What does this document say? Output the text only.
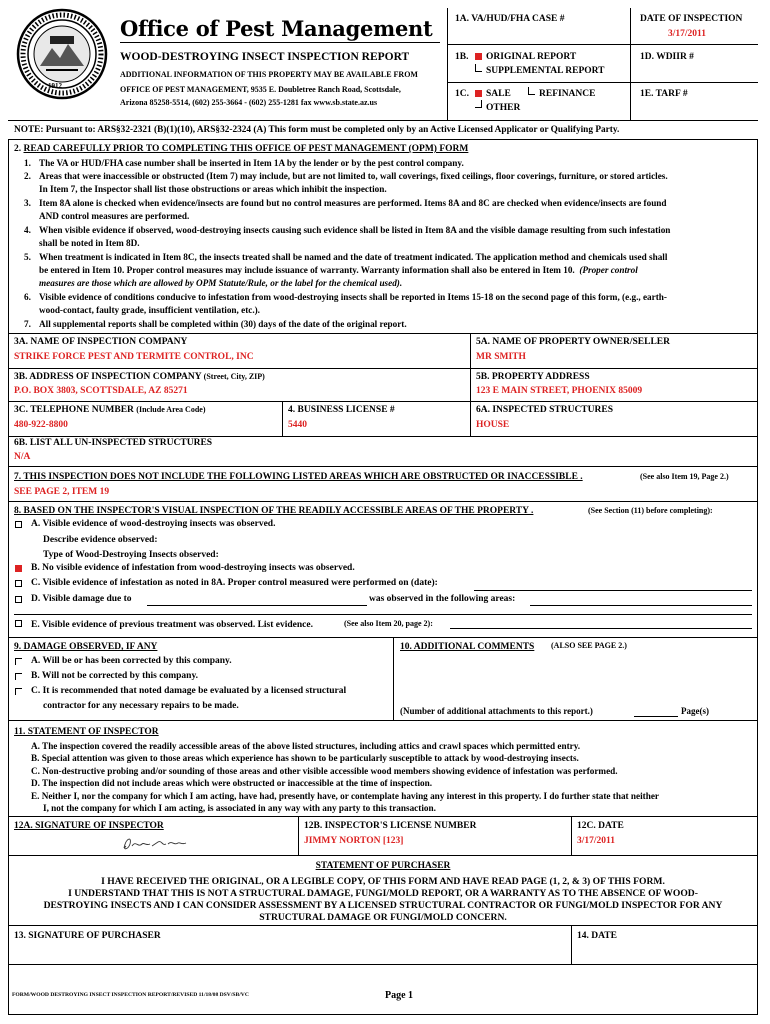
1912
Office of Pest Management
WOOD-DESTROYING INSECT INSPECTION REPORT
ADDITIONAL INFORMATION OF THIS PROPERTY MAY BE AVAILABLE FROM
OFFICE OF PEST MANAGEMENT, 9535 E. Doubletree Ranch Road, Scottsdale,
Arizona 85258-5514, (602) 255-3664 - (602) 255-1281 fax www.sb.state.az.us
1A. VA/HUD/FHA CASE #	DATE OF INSPECTION
3/17/2011
1B. ORIGINAL REPORT
SUPPLEMENTAL REPORT
1D. WDIIR #
1C. SALE	REFINANCE
OTHER
1E. TARF #
NOTE: Pursuant to: ARS§32-2321 (B)(1)(10), ARS§32-2324 (A) This form must be completed only by an Active Licensed Applicator or Qualifying Party.
2. READ CAREFULLY PRIOR TO COMPLETING THIS OFFICE OF PEST MANAGEMENT (OPM) FORM
1. The VA or HUD/FHA case number shall be inserted in Item 1A by the lender or by the pest control company.
2. Areas that were inaccessible or obstructed (Item 7) may include, but are not limited to, wall coverings, fixed ceilings, floor coverings, furniture, or stored articles.
In Item 7, the Inspector shall list those obstructions or areas which inhibit the inspection.
3. Item 8A alone is checked when evidence/insects are found but no control measures are performed. Items 8A and 8C are checked when evidence/insects are found
AND control measures are performed.
4. When visible evidence if observed, wood-destroying insects causing such evidence shall be listed in Item 8A and the visible damage resulting from such infestation
shall be noted in Item 8D.
5. When treatment is indicated in Item 8C, the insects treated shall be named and the date of treatment indicated. The application method and chemicals used shall
be entered in Item 10. Proper control measures may include issuance of warranty. Warranty information shall also be entered in Item 10. (Proper control
measures are those which are allowed by OPM Statute/Rule, or the label for the chemical used).
6. Visible evidence of conditions conducive to infestation from wood-destroying insects shall be reported in Items 15-18 on the second page of this form, (e.g., earth-
wood-contact, faulty grade, insufficient ventilation, etc.).
7. All supplemental reports shall be completed within (30) days of the date of the original report.
3A. NAME OF INSPECTION COMPANY
STRIKE FORCE PEST AND TERMITE CONTROL, INC
5A. NAME OF PROPERTY OWNER/SELLER
MR SMITH
3B. ADDRESS OF INSPECTION COMPANY (Street, City, ZIP)
P.O. BOX 3803, SCOTTSDALE, AZ 85271
5B. PROPERTY ADDRESS
123 E MAIN STREET, PHOENIX 85009
3C. TELEPHONE NUMBER (Include Area Code)
480-922-8800
4. BUSINESS LICENSE #
5440
6A. INSPECTED STRUCTURES
HOUSE
6B. LIST ALL UN-INSPECTED STRUCTURES
N/A
7. THIS INSPECTION DOES NOT INCLUDE THE FOLLOWING LISTED AREAS WHICH ARE OBSTRUCTED OR INACCESSIBLE .	(See also Item 19, Page 2.)
SEE PAGE 2, ITEM 19
8. BASED ON THE INSPECTOR'S VISUAL INSPECTION OF THE READILY ACCESSIBLE AREAS OF THE PROPERTY .	(See Section (11) before completing):
A. Visible evidence of wood-destroying insects was observed.
Describe evidence observed:
Type of Wood-Destroying Insects observed:
B. No visible evidence of infestation from wood-destroying insects was observed.
C. Visible evidence of infestation as noted in 8A. Proper control measured were performed on (date):
D. Visible damage due to	was observed in the following areas:
E. Visible evidence of previous treatment was observed. List evidence.	(See also Item 20, page 2):
9. DAMAGE OBSERVED, IF ANY
A. Will be or has been corrected by this company.
B. Will not be corrected by this company.
C. It is recommended that noted damage be evaluated by a licensed structural
contractor for any necessary repairs to be made.
10. ADDITIONAL COMMENTS (ALSO SEE PAGE 2.)
(Number of additional attachments to this report.)	Page(s)
11. STATEMENT OF INSPECTOR
A. The inspection covered the readily accessible areas of the above listed structures, including attics and crawl spaces which permitted entry.
B. Special attention was given to those areas which experience has shown to be particularly susceptible to attack by wood-destroying insects.
C. Non-destructive probing and/or sounding of those areas and other visible accessible wood members showing evidence of infestation was performed.
D. The inspection did not include areas which were obstructed or inaccessible at the time of inspection.
E. Neither I, nor the company for which I am acting, have had, presently have, or contemplate having any interest in this property. I do further state that neither
I, not the company for which I am acting, is associated in any way with any party to this transaction.
12A. SIGNATURE OF INSPECTOR	12B. INSPECTOR'S LICENSE NUMBER
JIMMY NORTON [123]
12C. DATE
3/17/2011
STATEMENT OF PURCHASER
I HAVE RECEIVED THE ORIGINAL, OR A LEGIBLE COPY, OF THIS FORM AND HAVE READ PAGE (1, 2, & 3) OF THIS FORM.
I UNDERSTAND THAT THIS IS NOT A STRUCTURAL DAMAGE, FUNGI/MOLD REPORT, OR A WARRANTY AS TO THE ABSENCE OF WOOD-
DESTROYING INSECTS AND I CAN CONSIDER ASSESSMENT BY A LICENSED STRUCTURAL CONTRACTOR OR FUNGI/MOLD INSPECTOR FOR ANY
STRUCTURAL DAMAGE OR FUNGI/MOLD CONCERN.
13. SIGNATURE OF PURCHASER	14. DATE
FORM/WOOD DESTROYING INSECT INSPECTION REPORT/REVISED 11/18/08 DSV/SB/VC	Page 1
